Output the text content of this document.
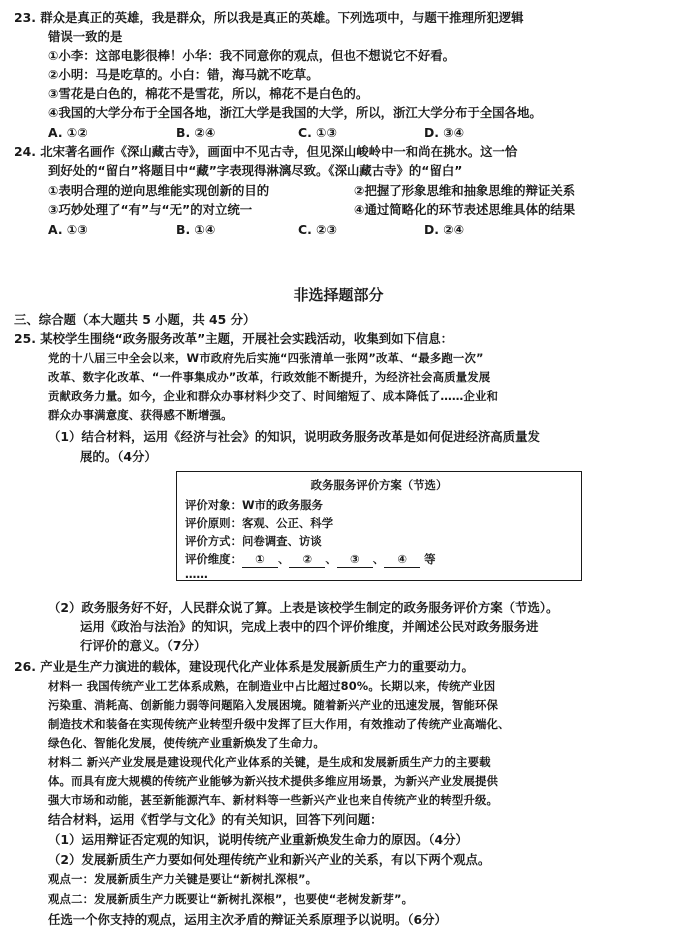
23. 群众是真正的英雄，我是群众，所以我是真正的英雄。下列选项中，与题干推理所犯逻辑
错误一致的是
①小李：这部电影很棒！小华：我不同意你的观点，但也不想说它不好看。
②小明：马是吃草的。小白：错，海马就不吃草。
③雪花是白色的，棉花不是雪花，所以，棉花不是白色的。
④我国的大学分布于全国各地，浙江大学是我国的大学，所以，浙江大学分布于全国各地。
A. ①②	B. ②④	C. ①③	D. ③④
24. 北宋著名画作《深山藏古寺》，画面中不见古寺，但见深山峻岭中一和尚在挑水。这一恰
到好处的“留白”将题目中“藏”字表现得淋漓尽致。《深山藏古寺》的“留白”
①表明合理的逆向思维能实现创新的目的	②把握了形象思维和抽象思维的辩证关系
③巧妙处理了“有”与“无”的对立统一	④通过简略化的环节表述思维具体的结果
A. ①③	B. ①④	C. ②③	D. ②④
非选择题部分
三、综合题（本大题共 5 小题，共 45 分）
25. 某校学生围绕“政务服务改革”主题，开展社会实践活动，收集到如下信息：
党的十八届三中全会以来，W市政府先后实施“四张清单一张网”改革、“最多跑一次”
改革、数字化改革、“一件事集成办”改革，行政效能不断提升，为经济社会高质量发展
贡献政务力量。如今，企业和群众办事材料少交了、时间缩短了、成本降低了……企业和
群众办事满意度、获得感不断增强。
（1）结合材料，运用《经济与社会》的知识，说明政务服务改革是如何促进经济高质量发
展的。（4分）
政务服务评价方案（节选）
评价对象：W市的政务服务
评价原则：客观、公正、科学
评价方式：问卷调查、访谈
评价维度： ① 、 ② 、 ③ 、 ④ 等
……
（2）政务服务好不好，人民群众说了算。上表是该校学生制定的政务服务评价方案（节选）。
运用《政治与法治》的知识，完成上表中的四个评价维度，并阐述公民对政务服务进
行评价的意义。（7分）
26. 产业是生产力演进的载体，建设现代化产业体系是发展新质生产力的重要动力。
材料一 我国传统产业工艺体系成熟，在制造业中占比超过80%。长期以来，传统产业因
污染重、消耗高、创新能力弱等问题陷入发展困境。随着新兴产业的迅速发展，智能环保
制造技术和装备在实现传统产业转型升级中发挥了巨大作用，有效推动了传统产业高端化、
绿色化、智能化发展，使传统产业重新焕发了生命力。
材料二 新兴产业发展是建设现代化产业体系的关键，是生成和发展新质生产力的主要载
体。而具有庞大规模的传统产业能够为新兴技术提供多维应用场景，为新兴产业发展提供
强大市场和动能，甚至新能源汽车、新材料等一些新兴产业也来自传统产业的转型升级。
结合材料，运用《哲学与文化》的有关知识，回答下列问题：
（1）运用辩证否定观的知识，说明传统产业重新焕发生命力的原因。（4分）
（2）发展新质生产力要如何处理传统产业和新兴产业的关系，有以下两个观点。
观点一：发展新质生产力关键是要让“新树扎深根”。
观点二：发展新质生产力既要让“新树扎深根”，也要使“老树发新芽”。
任选一个你支持的观点，运用主次矛盾的辩证关系原理予以说明。（6分）
